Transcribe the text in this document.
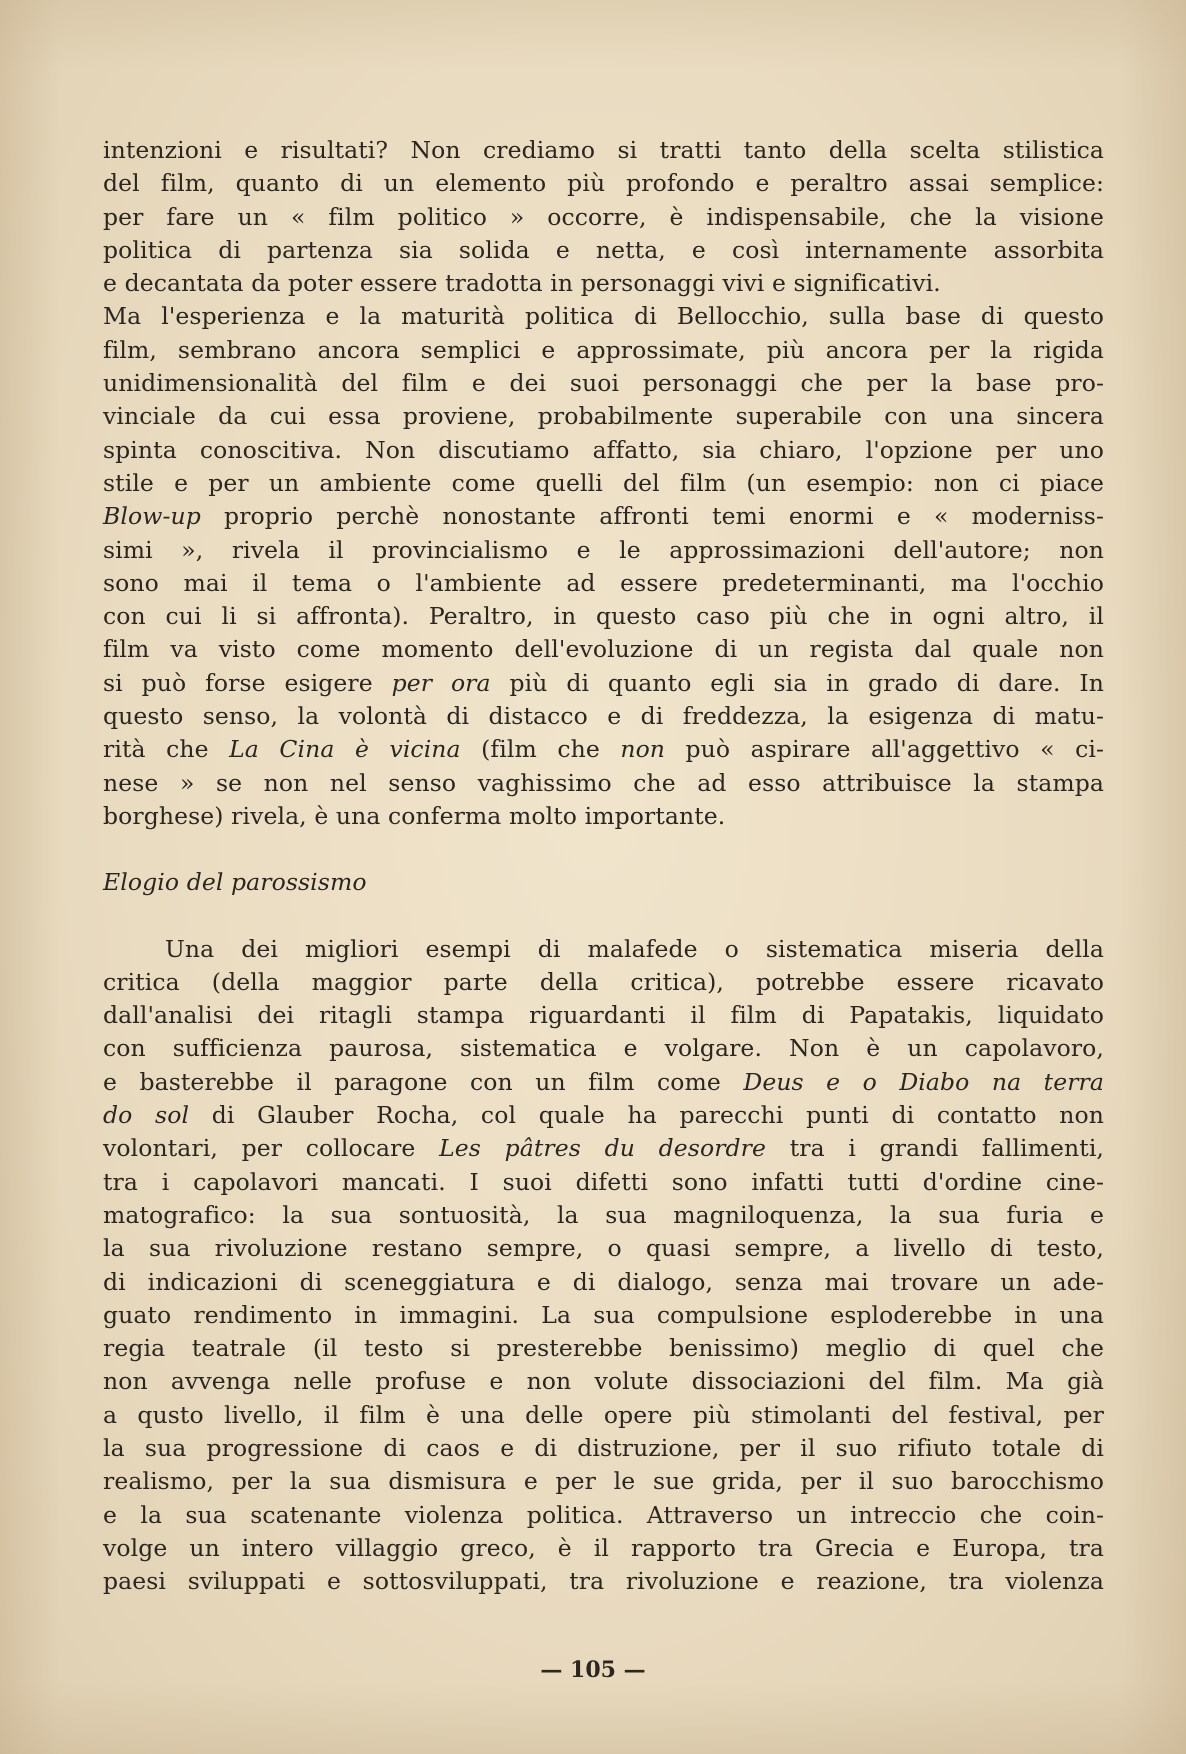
intenzioni e risultati? Non crediamo si tratti tanto della scelta stilistica
del film, quanto di un elemento più profondo e peraltro assai semplice:
per fare un « film politico » occorre, è indispensabile, che la visione
politica di partenza sia solida e netta, e così internamente assorbita
e decantata da poter essere tradotta in personaggi vivi e significativi.
Ma l'esperienza e la maturità politica di Bellocchio, sulla base di questo
film, sembrano ancora semplici e approssimate, più ancora per la rigida
unidimensionalità del film e dei suoi personaggi che per la base pro-
vinciale da cui essa proviene, probabilmente superabile con una sincera
spinta conoscitiva. Non discutiamo affatto, sia chiaro, l'opzione per uno
stile e per un ambiente come quelli del film (un esempio: non ci piace
Blow-up proprio perchè nonostante affronti temi enormi e « moderniss-
simi », rivela il provincialismo e le approssimazioni dell'autore; non
sono mai il tema o l'ambiente ad essere predeterminanti, ma l'occhio
con cui li si affronta). Peraltro, in questo caso più che in ogni altro, il
film va visto come momento dell'evoluzione di un regista dal quale non
si può forse esigere per ora più di quanto egli sia in grado di dare. In
questo senso, la volontà di distacco e di freddezza, la esigenza di matu-
rità che La Cina è vicina (film che non può aspirare all'aggettivo « ci-
nese » se non nel senso vaghissimo che ad esso attribuisce la stampa
borghese) rivela, è una conferma molto importante.
Elogio del parossismo
Una dei migliori esempi di malafede o sistematica miseria della
critica (della maggior parte della critica), potrebbe essere ricavato
dall'analisi dei ritagli stampa riguardanti il film di Papatakis, liquidato
con sufficienza paurosa, sistematica e volgare. Non è un capolavoro,
e basterebbe il paragone con un film come Deus e o Diabo na terra
do sol di Glauber Rocha, col quale ha parecchi punti di contatto non
volontari, per collocare Les pâtres du desordre tra i grandi fallimenti,
tra i capolavori mancati. I suoi difetti sono infatti tutti d'ordine cine-
matografico: la sua sontuosità, la sua magniloquenza, la sua furia e
la sua rivoluzione restano sempre, o quasi sempre, a livello di testo,
di indicazioni di sceneggiatura e di dialogo, senza mai trovare un ade-
guato rendimento in immagini. La sua compulsione esploderebbe in una
regia teatrale (il testo si presterebbe benissimo) meglio di quel che
non avvenga nelle profuse e non volute dissociazioni del film. Ma già
a qusto livello, il film è una delle opere più stimolanti del festival, per
la sua progressione di caos e di distruzione, per il suo rifiuto totale di
realismo, per la sua dismisura e per le sue grida, per il suo barocchismo
e la sua scatenante violenza politica. Attraverso un intreccio che coin-
volge un intero villaggio greco, è il rapporto tra Grecia e Europa, tra
paesi sviluppati e sottosviluppati, tra rivoluzione e reazione, tra violenza
— 105 —
